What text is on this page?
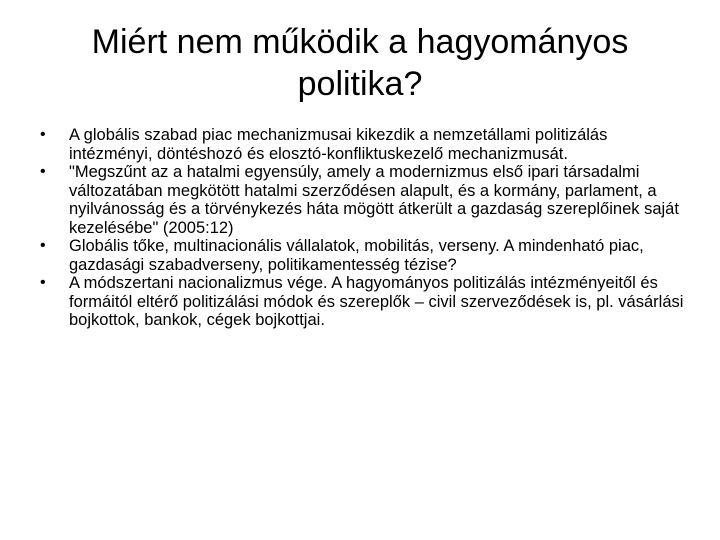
Miért nem működik a hagyományos
politika?
• A globális szabad piac mechanizmusai kikezdik a nemzetállami politizálás intézményi, döntéshozó és elosztó-konfliktuskezelő mechanizmusát.
• "Megszűnt az a hatalmi egyensúly, amely a modernizmus első ipari társadalmi változatában megkötött hatalmi szerződésen alapult, és a kormány, parlament, a nyilvánosság és a törvénykezés háta mögött átkerült a gazdaság szereplőinek saját kezelésébe" (2005:12)
• Globális tőke, multinacionális vállalatok, mobilitás, verseny. A mindenható piac, gazdasági szabadverseny, politikamentesség tézise?
• A módszertani nacionalizmus vége. A hagyományos politizálás intézményeitől és formáitól eltérő politizálási módok és szereplők – civil szerveződések is, pl. vásárlási bojkottok, bankok, cégek bojkottjai.
